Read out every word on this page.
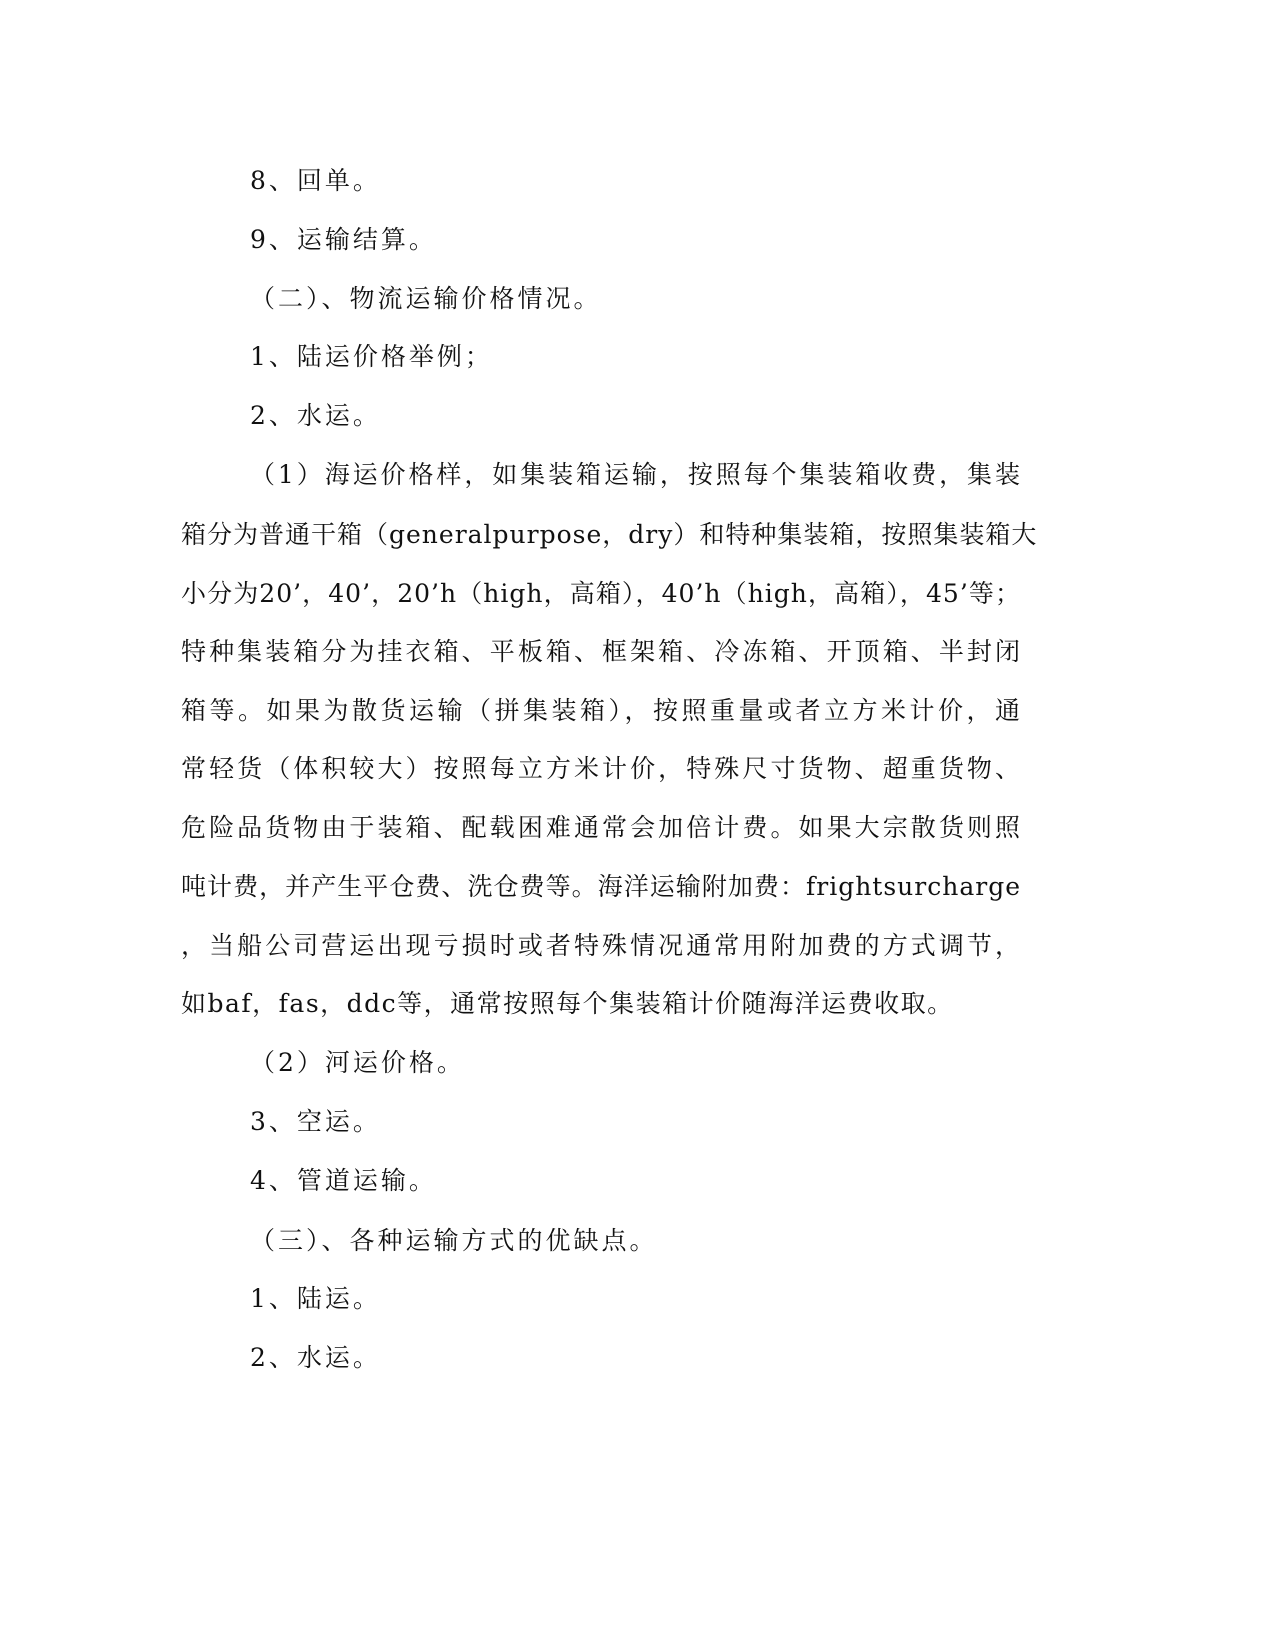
8、回单。
9、运输结算。
（二）、物流运输价格情况。
1、陆运价格举例；
2、水运。
（1）海运价格样，如集装箱运输，按照每个集装箱收费，集装
箱分为普通干箱（generalpurpose，dry）和特种集装箱，按照集装箱大
小分为20’，40’，20’h（high，高箱），40’h（high，高箱），45’等；
特种集装箱分为挂衣箱、平板箱、框架箱、冷冻箱、开顶箱、半封闭
箱等。如果为散货运输（拼集装箱），按照重量或者立方米计价，通
常轻货（体积较大）按照每立方米计价，特殊尺寸货物、超重货物、
危险品货物由于装箱、配载困难通常会加倍计费。如果大宗散货则照
吨计费，并产生平仓费、洗仓费等。海洋运输附加费：frightsurcharge
，当船公司营运出现亏损时或者特殊情况通常用附加费的方式调节，
如baf，fas，ddc等，通常按照每个集装箱计价随海洋运费收取。
（2）河运价格。
3、空运。
4、管道运输。
（三）、各种运输方式的优缺点。
1、陆运。
2、水运。
